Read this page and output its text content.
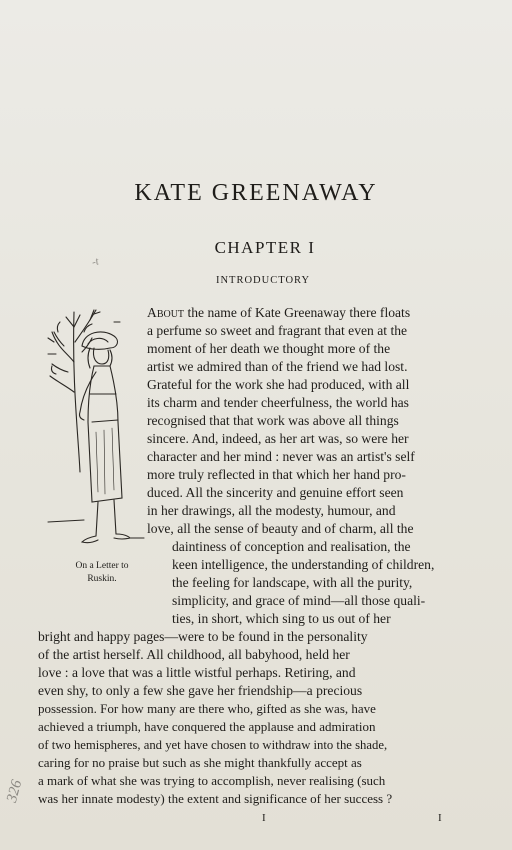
KATE GREENAWAY
CHAPTER I
INTRODUCTORY
-t
On a Letter to
Ruskin.
About the name of Kate Greenaway there floats
a perfume so sweet and fragrant that even at the
moment of her death we thought more of the
artist we admired than of the friend we had lost.
Grateful for the work she had produced, with all
its charm and tender cheerfulness, the world has
recognised that that work was above all things
sincere. And, indeed, as her art was, so were her
character and her mind : never was an artist's self
more truly reflected in that which her hand pro-
duced. All the sincerity and genuine effort seen
in her drawings, all the modesty, humour, and
love, all the sense of beauty and of charm, all the
daintiness of conception and realisation, the
keen intelligence, the understanding of children,
the feeling for landscape, with all the purity,
simplicity, and grace of mind—all those quali-
ties, in short, which sing to us out of her
bright and happy pages—were to be found in the personality
of the artist herself. All childhood, all babyhood, held her
love : a love that was a little wistful perhaps. Retiring, and
even shy, to only a few she gave her friendship—a precious
possession. For how many are there who, gifted as she was, have
achieved a triumph, have conquered the applause and admiration
of two hemispheres, and yet have chosen to withdraw into the shade,
caring for no praise but such as she might thankfully accept as
a mark of what she was trying to accomplish, never realising (such
was her innate modesty) the extent and significance of her success ?
I	I
326
